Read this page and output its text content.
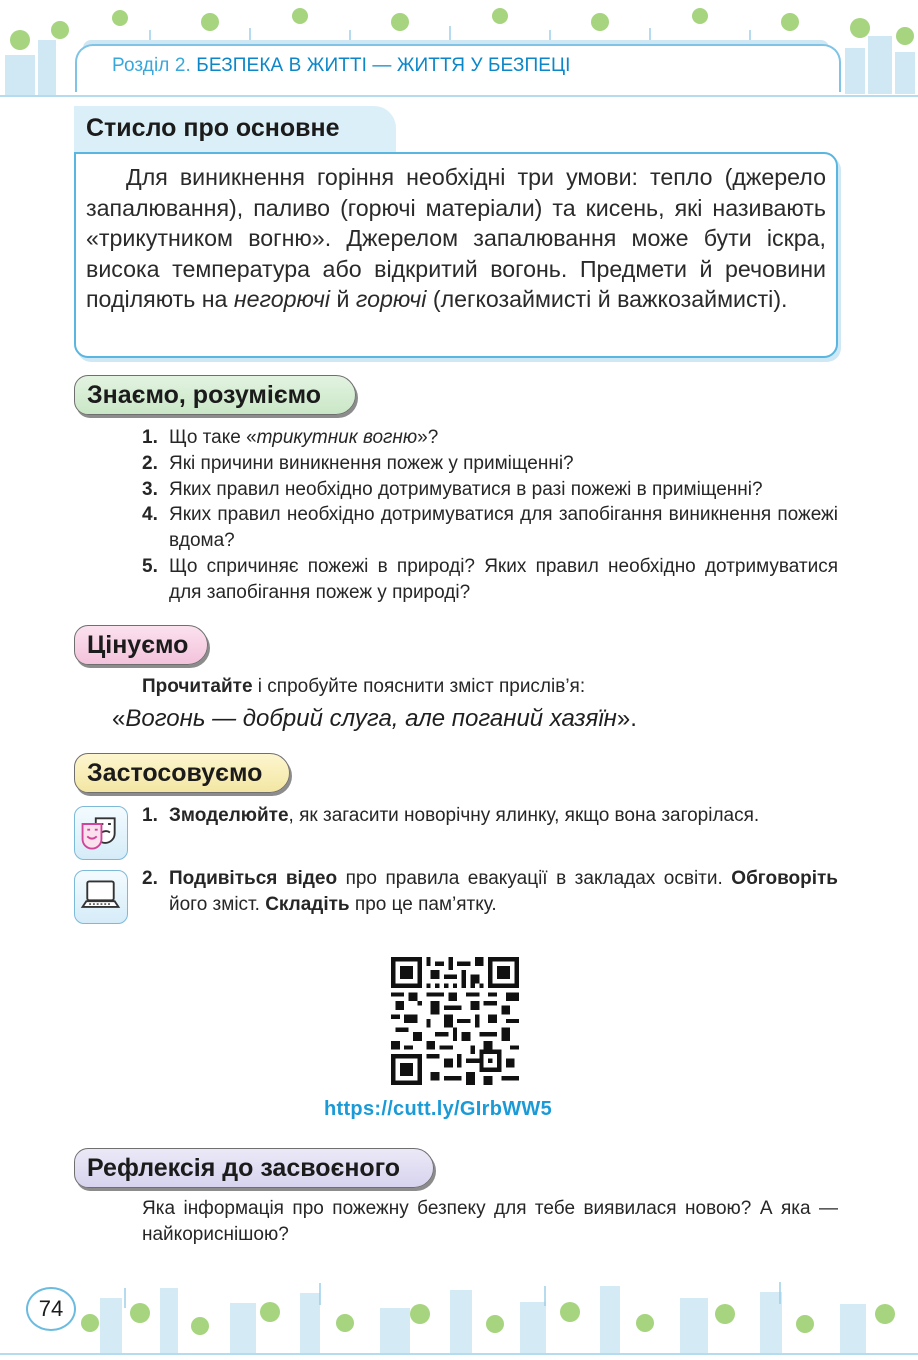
Розділ 2. БЕЗПЕКА В ЖИТТІ — ЖИТТЯ У БЕЗПЕЦІ
Стисло про основне

Для виникнення горіння необхідні три умови: тепло (джерело запалювання), паливо (горючі матеріали) та кисень, які називають «трикутником вогню». Джерелом запалювання може бути іскра, висока температура або відкритий вогонь. Предмети й речовини поділяють на негорючі й горючі (легкозаймисті й важкозаймисті).

Знаємо, розуміємо
1. Що таке «трикутник вогню»?
2. Які причини виникнення пожеж у приміщенні?
3. Яких правил необхідно дотримуватися в разі пожежі в приміщенні?
4. Яких правил необхідно дотримуватися для запобігання виникнення пожежі вдома?
5. Що спричиняє пожежі в природі? Яких правил необхідно дотримуватися для запобігання пожеж у природі?
Цінуємо
Прочитайте і спробуйте пояснити зміст прислів’я:
«Вогонь — добрий слуга, але поганий хазяїн».
Застосовуємо
1. Змоделюйте, як загасити новорічну ялинку, якщо вона загорілася.
2. Подивіться відео про правила евакуації в закладах освіти. Обговоріть його зміст. Складіть про це пам’ятку.
https://cutt.ly/GIrbWW5
Рефлексія до засвоєного
Яка інформація про пожежну безпеку для тебе виявилася новою? А яка — найкориснішою?
74
